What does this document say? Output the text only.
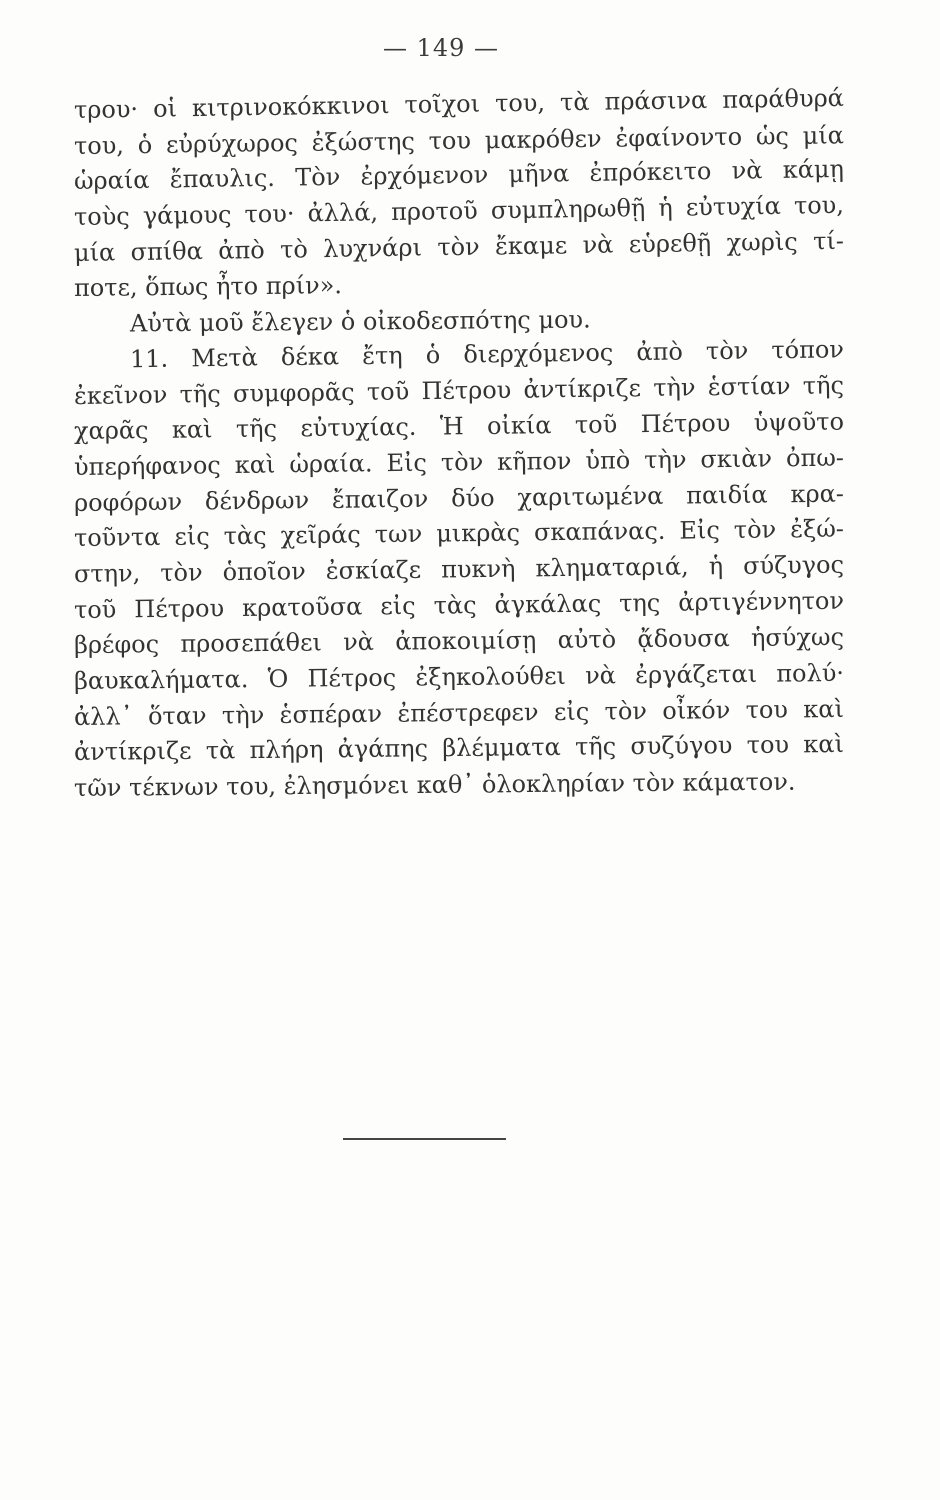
— 149 —
τρου· οἱ κιτρινοκόκκινοι τοῖχοι του, τὰ πράσινα παράθυρά
του, ὁ εὐρύχωρος ἐξώστης του μακρόθεν ἐφαίνοντο ὡς μία
ὡραία ἔπαυλις. Τὸν ἐρχόμενον μῆνα ἐπρόκειτο νὰ κάμῃ
τοὺς γάμους του· ἀλλά, προτοῦ συμπληρωθῇ ἡ εὐτυχία του,
μία σπίθα ἀπὸ τὸ λυχνάρι τὸν ἔκαμε νὰ εὑρεθῇ χωρὶς τί-
ποτε, ὅπως ἦτο πρίν».
Αὐτὰ μοῦ ἔλεγεν ὁ οἰκοδεσπότης μου.
11. Μετὰ δέκα ἔτη ὁ διερχόμενος ἀπὸ τὸν τόπον
ἐκεῖνον τῆς συμφορᾶς τοῦ Πέτρου ἀντίκριζε τὴν ἑστίαν τῆς
χαρᾶς καὶ τῆς εὐτυχίας. Ἡ οἰκία τοῦ Πέτρου ὑψοῦτο
ὑπερήφανος καὶ ὡραία. Εἰς τὸν κῆπον ὑπὸ τὴν σκιὰν ὀπω-
ροφόρων δένδρων ἔπαιζον δύο χαριτωμένα παιδία κρα-
τοῦντα εἰς τὰς χεῖράς των μικρὰς σκαπάνας. Εἰς τὸν ἐξώ-
στην, τὸν ὁποῖον ἐσκίαζε πυκνὴ κληματαριά, ἡ σύζυγος
τοῦ Πέτρου κρατοῦσα εἰς τὰς ἀγκάλας της ἀρτιγέννητον
βρέφος προσεπάθει νὰ ἀποκοιμίσῃ αὐτὸ ᾄδουσα ἡσύχως
βαυκαλήματα. Ὁ Πέτρος ἐξηκολούθει νὰ ἐργάζεται πολύ·
ἀλλ᾽ ὅταν τὴν ἑσπέραν ἐπέστρεφεν εἰς τὸν οἶκόν του καὶ
ἀντίκριζε τὰ πλήρη ἀγάπης βλέμματα τῆς συζύγου του καὶ
τῶν τέκνων του, ἐλησμόνει καθ᾽ ὁλοκληρίαν τὸν κάματον.
